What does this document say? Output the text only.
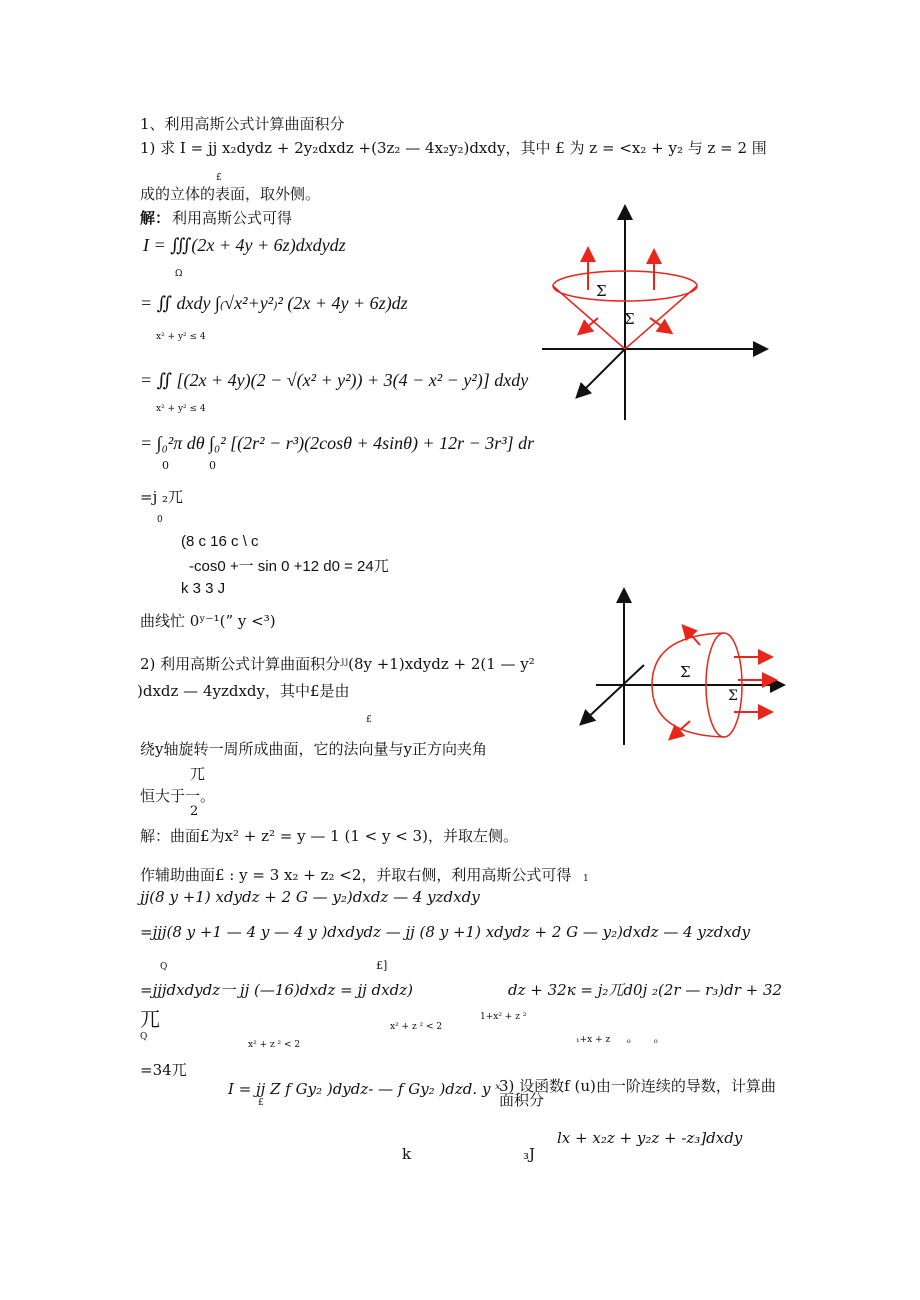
1、利用高斯公式计算曲面积分
1) 求 I = jj x₂dydz + 2y₂dxdz +(3z₂ — 4x₂y₂)dxdy，其中 £ 为 z = <x₂ + y₂ 与 z = 2 围
£
成的立体的表面，取外侧。
解： 利用高斯公式可得
I = ∭(2x + 4y + 6z)dxdydz
Ω
= ∬ dxdy ∫₍√x²+y²₎² (2x + 4y + 6z)dz
x² + y² ≤ 4
= ∬ [(2x + 4y)(2 − √(x² + y²)) + 3(4 − x² − y²)] dxdy
x² + y² ≤ 4
= ∫₀²π dθ ∫₀² [(2r² − r³)(2cosθ + 4sinθ) + 12r − 3r³] dr
0	0
=j ₂兀
0
(8 c 16 c \ c
-cos0 +一 sin 0 +12 d0 = 24兀
k 3 3 J
曲线忙 0ʸ⁻¹(” y <³)
Σ
Σ
2) 利用高斯公式计算曲面积分ʲʲ(8y +1)xdydz + 2(1 — y²
)dxdz — 4yzdxdy，其中£是由
£
绕y轴旋转一周所成曲面，它的法向量与y正方向夹角
兀
恒大于一。
2
解：曲面£为x² + z² = y — 1 (1 < y < 3)，并取左侧。
作辅助曲面£ : y = 3 x₂ + z₂ <2，并取右侧，利用高斯公式可得 1
jj(8 y +1) xdydz + 2 G — y₂)dxdz — 4 yzdxdy
=jjj(8 y +1 — 4 y — 4 y )dxdydz — jj (8 y +1) xdydz + 2 G — y₂)dxdz — 4 yzdxdy
Q	£]
=jjjdxdydz一 jj (—16)dxdz = jj dxdz)	dz + 32к = j₂兀d0j ₂(2r — r₃)dr + 32
兀
Q
x² + z ² < 2
1+x² + z ²
x² + z ² < 2	₁+x + z ₀	₀
=34兀
I = jj Z f Gy₂ )dydz- — f Gy₂ )dzd. y ˣ
£
3) 设函数f (u)由一阶连续的导数，计算曲
面积分
lx + x₂z + y₂z + -z₃]dxdy
k	₃J
Σ
Σ
